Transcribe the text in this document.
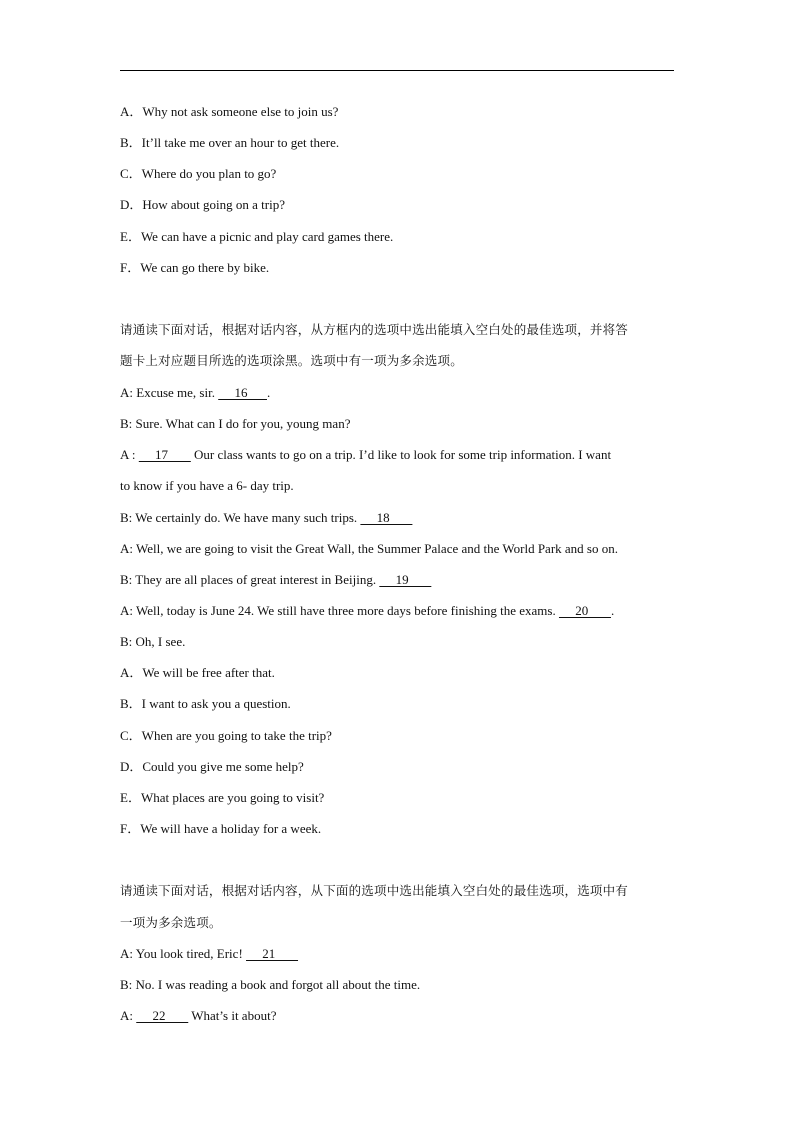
A．Why not ask someone else to join us?
B．It’ll take me over an hour to get there.
C．Where do you plan to go?
D．How about going on a trip?
E．We can have a picnic and play card games there.
F．We can go there by bike.
请通读下面对话，根据对话内容，从方框内的选项中选出能填入空白处的最佳选项，并将答
题卡上对应题目所选的选项涂黑。选项中有一项为多余选项。
A: Excuse me, sir.      16      .
B: Sure. What can I do for you, young man?
A :      17        Our class wants to go on a trip. I’d like to look for some trip information. I want
to know if you have a 6- day trip.
B: We certainly do. We have many such trips.      18
A: Well, we are going to visit the Great Wall, the Summer Palace and the World Park and so on.
B: They are all places of great interest in Beijing.      19
A: Well, today is June 24. We still have three more days before finishing the exams.      20       .
B: Oh, I see.
A．We will be free after that.
B．I want to ask you a question.
C．When are you going to take the trip?
D．Could you give me some help?
E．What places are you going to visit?
F．We will have a holiday for a week.
请通读下面对话，根据对话内容，从下面的选项中选出能填入空白处的最佳选项，选项中有
一项为多余选项。
A: You look tired, Eric!      21
B: No. I was reading a book and forgot all about the time.
A:      22        What’s it about?
